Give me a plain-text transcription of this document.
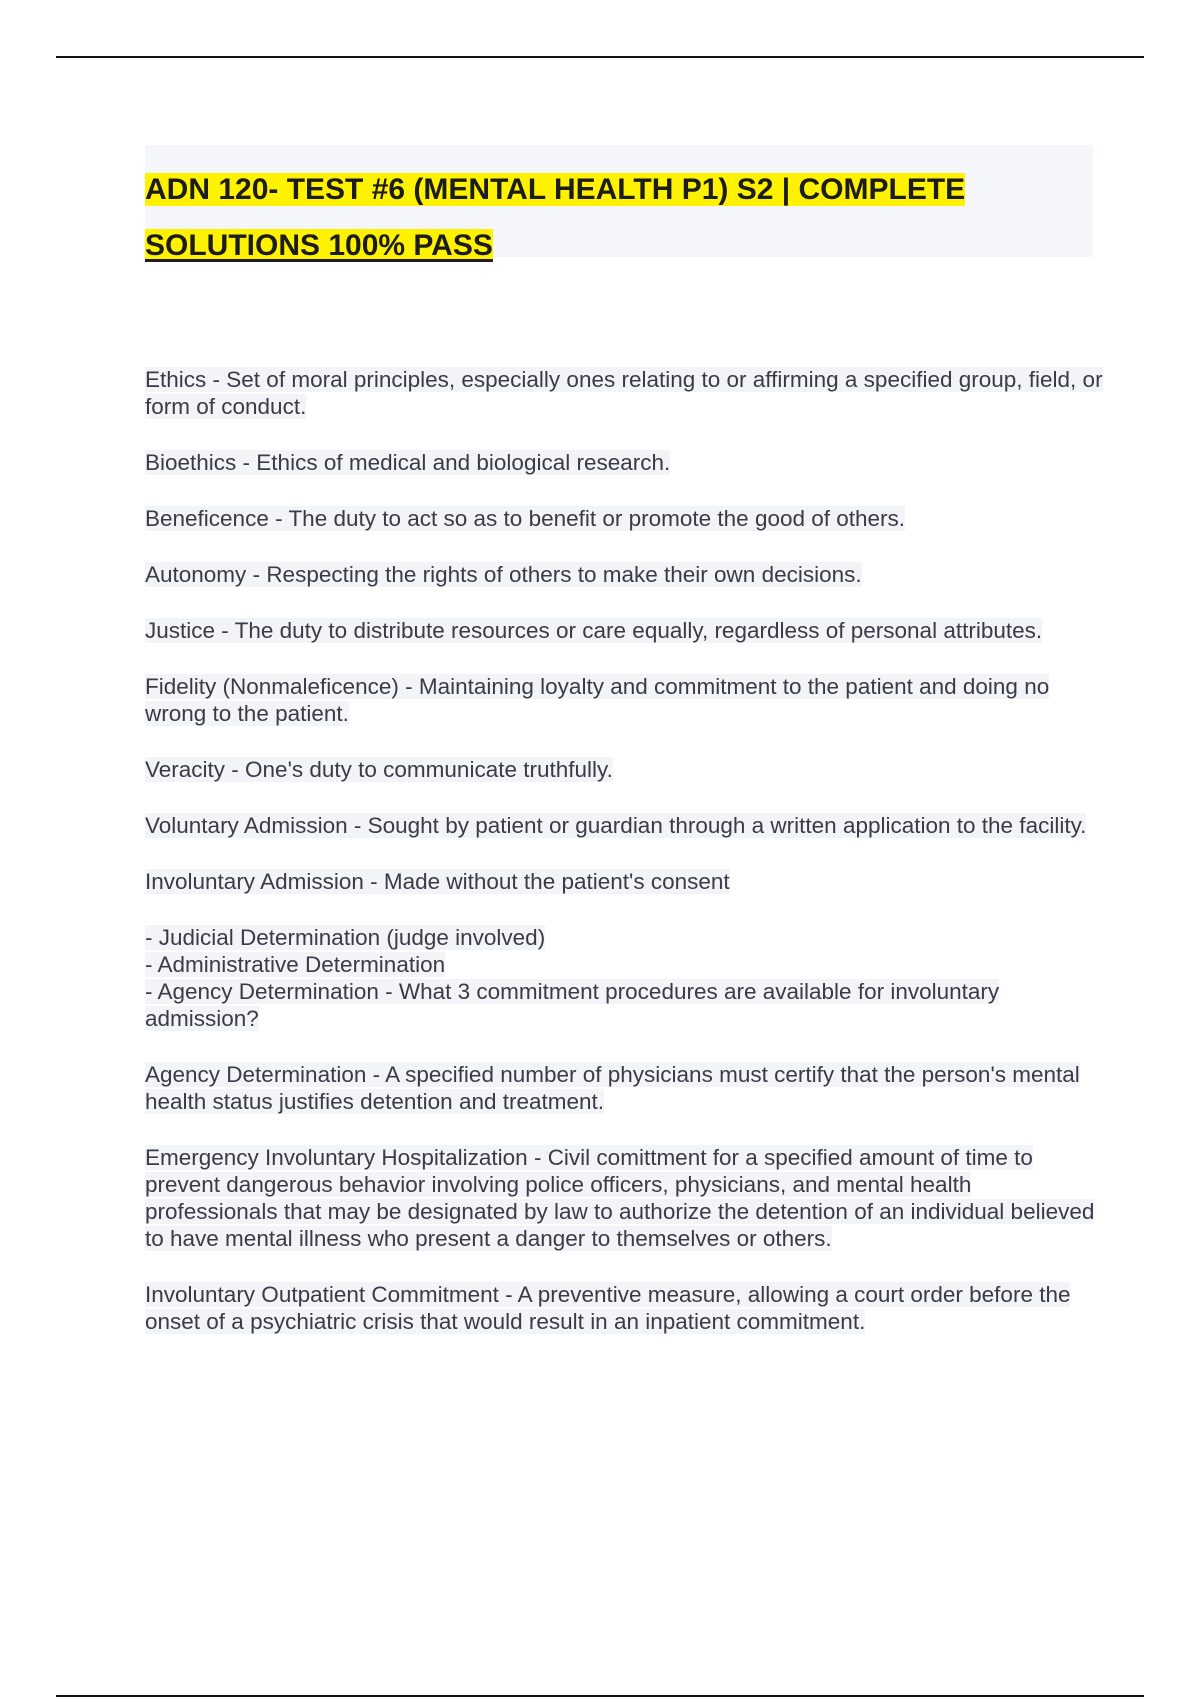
ADN 120- TEST #6 (MENTAL HEALTH P1) S2 | COMPLETE
SOLUTIONS 100% PASS

Ethics - Set of moral principles, especially ones relating to or affirming a specified group, field, or form of conduct.

Bioethics - Ethics of medical and biological research.

Beneficence - The duty to act so as to benefit or promote the good of others.

Autonomy - Respecting the rights of others to make their own decisions.

Justice - The duty to distribute resources or care equally, regardless of personal attributes.

Fidelity (Nonmaleficence) - Maintaining loyalty and commitment to the patient and doing no wrong to the patient.

Veracity - One's duty to communicate truthfully.

Voluntary Admission - Sought by patient or guardian through a written application to the facility.

Involuntary Admission - Made without the patient's consent

- Judicial Determination (judge involved)
- Administrative Determination
- Agency Determination - What 3 commitment procedures are available for involuntary admission?

Agency Determination - A specified number of physicians must certify that the person's mental health status justifies detention and treatment.

Emergency Involuntary Hospitalization - Civil comittment for a specified amount of time to prevent dangerous behavior involving police officers, physicians, and mental health professionals that may be designated by law to authorize the detention of an individual believed to have mental illness who present a danger to themselves or others.

Involuntary Outpatient Commitment - A preventive measure, allowing a court order before the onset of a psychiatric crisis that would result in an inpatient commitment.
